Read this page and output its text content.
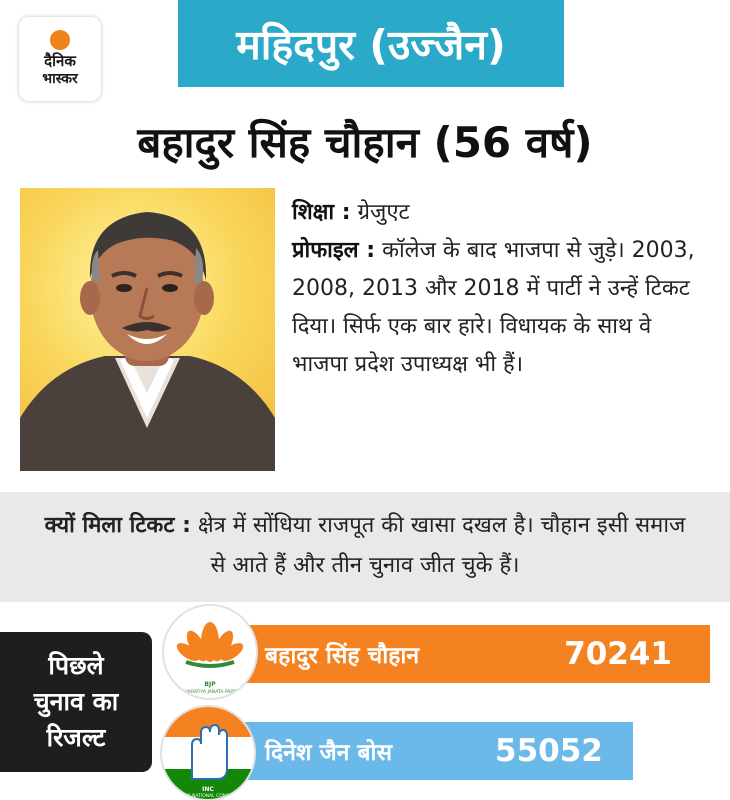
दैनिक
भास्कर
महिदपुर (उज्जैन)
बहादुर सिंह चौहान (56 वर्ष)
शिक्षा : ग्रेजुएट
प्रोफाइल : कॉलेज के बाद भाजपा से जुड़े। 2003, 2008, 2013 और 2018 में पार्टी ने उन्हें टिकट दिया। सिर्फ एक बार हारे। विधायक के साथ वे भाजपा प्रदेश उपाध्यक्ष भी हैं।
क्यों मिला टिकट : क्षेत्र में सोंधिया राजपूत की खासा दखल है। चौहान इसी समाज से आते हैं और तीन चुनाव जीत चुके हैं।
पिछले
चुनाव का
रिजल्ट
बहादुर सिंह चौहान	70241
दिनेश जैन बोस	55052
BJP
BHARATIYA JANATA PARTY
INC
INDIAN NATIONAL CONGRESS
